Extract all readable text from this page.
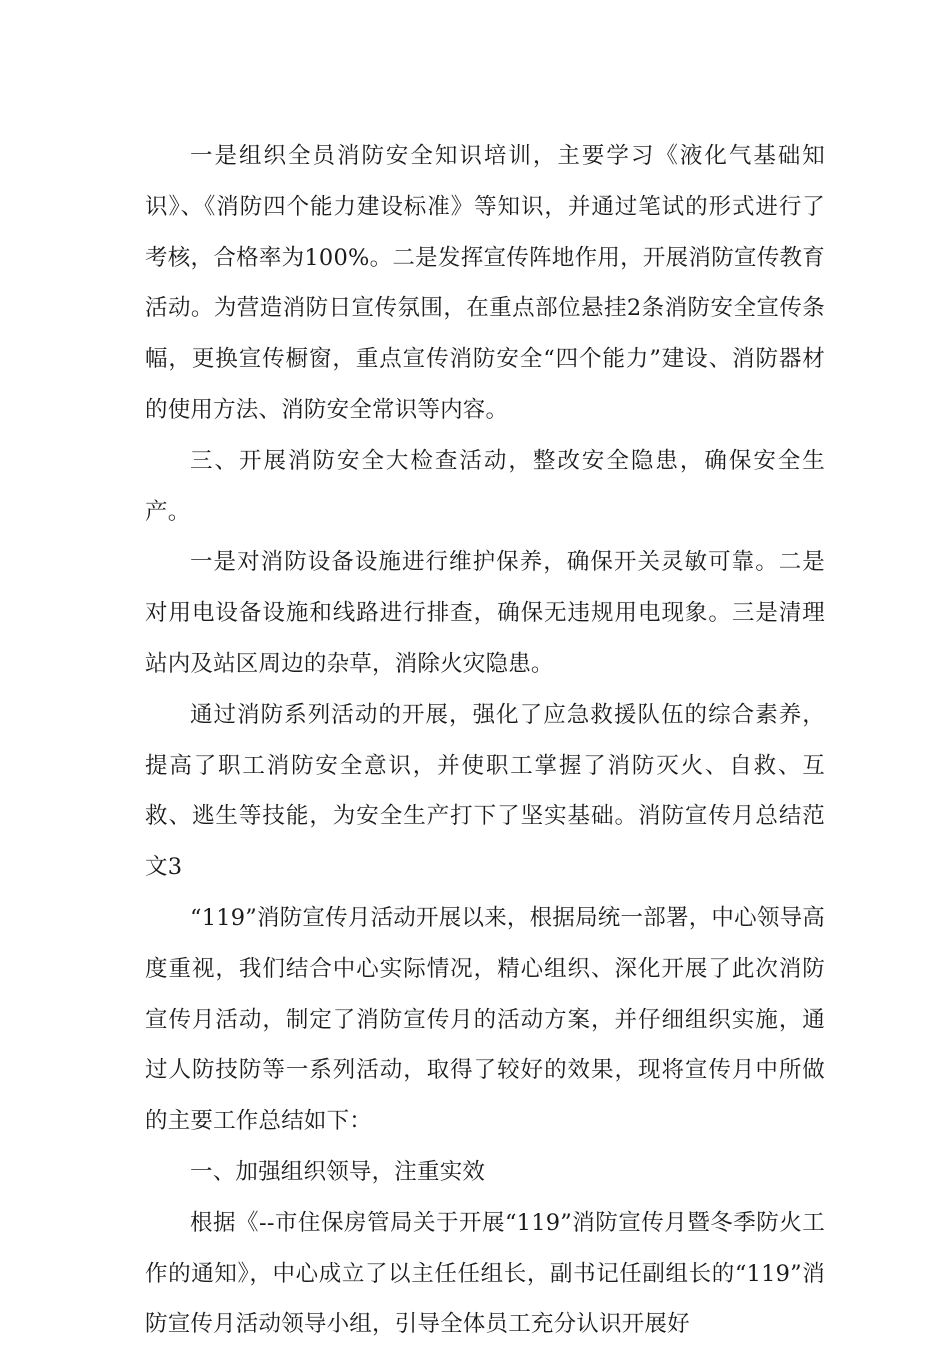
一是组织全员消防安全知识培训，主要学习《液化气基础知识》、《消防四个能力建设标准》等知识，并通过笔试的形式进行了考核，合格率为100%。二是发挥宣传阵地作用，开展消防宣传教育活动。为营造消防日宣传氛围，在重点部位悬挂2条消防安全宣传条幅，更换宣传橱窗，重点宣传消防安全“四个能力”建设、消防器材的使用方法、消防安全常识等内容。

三、开展消防安全大检查活动，整改安全隐患，确保安全生产。

一是对消防设备设施进行维护保养，确保开关灵敏可靠。二是对用电设备设施和线路进行排查，确保无违规用电现象。三是清理站内及站区周边的杂草，消除火灾隐患。

通过消防系列活动的开展，强化了应急救援队伍的综合素养，提高了职工消防安全意识，并使职工掌握了消防灭火、自救、互救、逃生等技能，为安全生产打下了坚实基础。消防宣传月总结范文3

“119”消防宣传月活动开展以来，根据局统一部署，中心领导高度重视，我们结合中心实际情况，精心组织、深化开展了此次消防宣传月活动，制定了消防宣传月的活动方案，并仔细组织实施，通过人防技防等一系列活动，取得了较好的效果，现将宣传月中所做的主要工作总结如下：

一、加强组织领导，注重实效

根据《--市住保房管局关于开展“119”消防宣传月暨冬季防火工作的通知》，中心成立了以主任任组长，副书记任副组长的“119”消防宣传月活动领导小组，引导全体员工充分认识开展好
